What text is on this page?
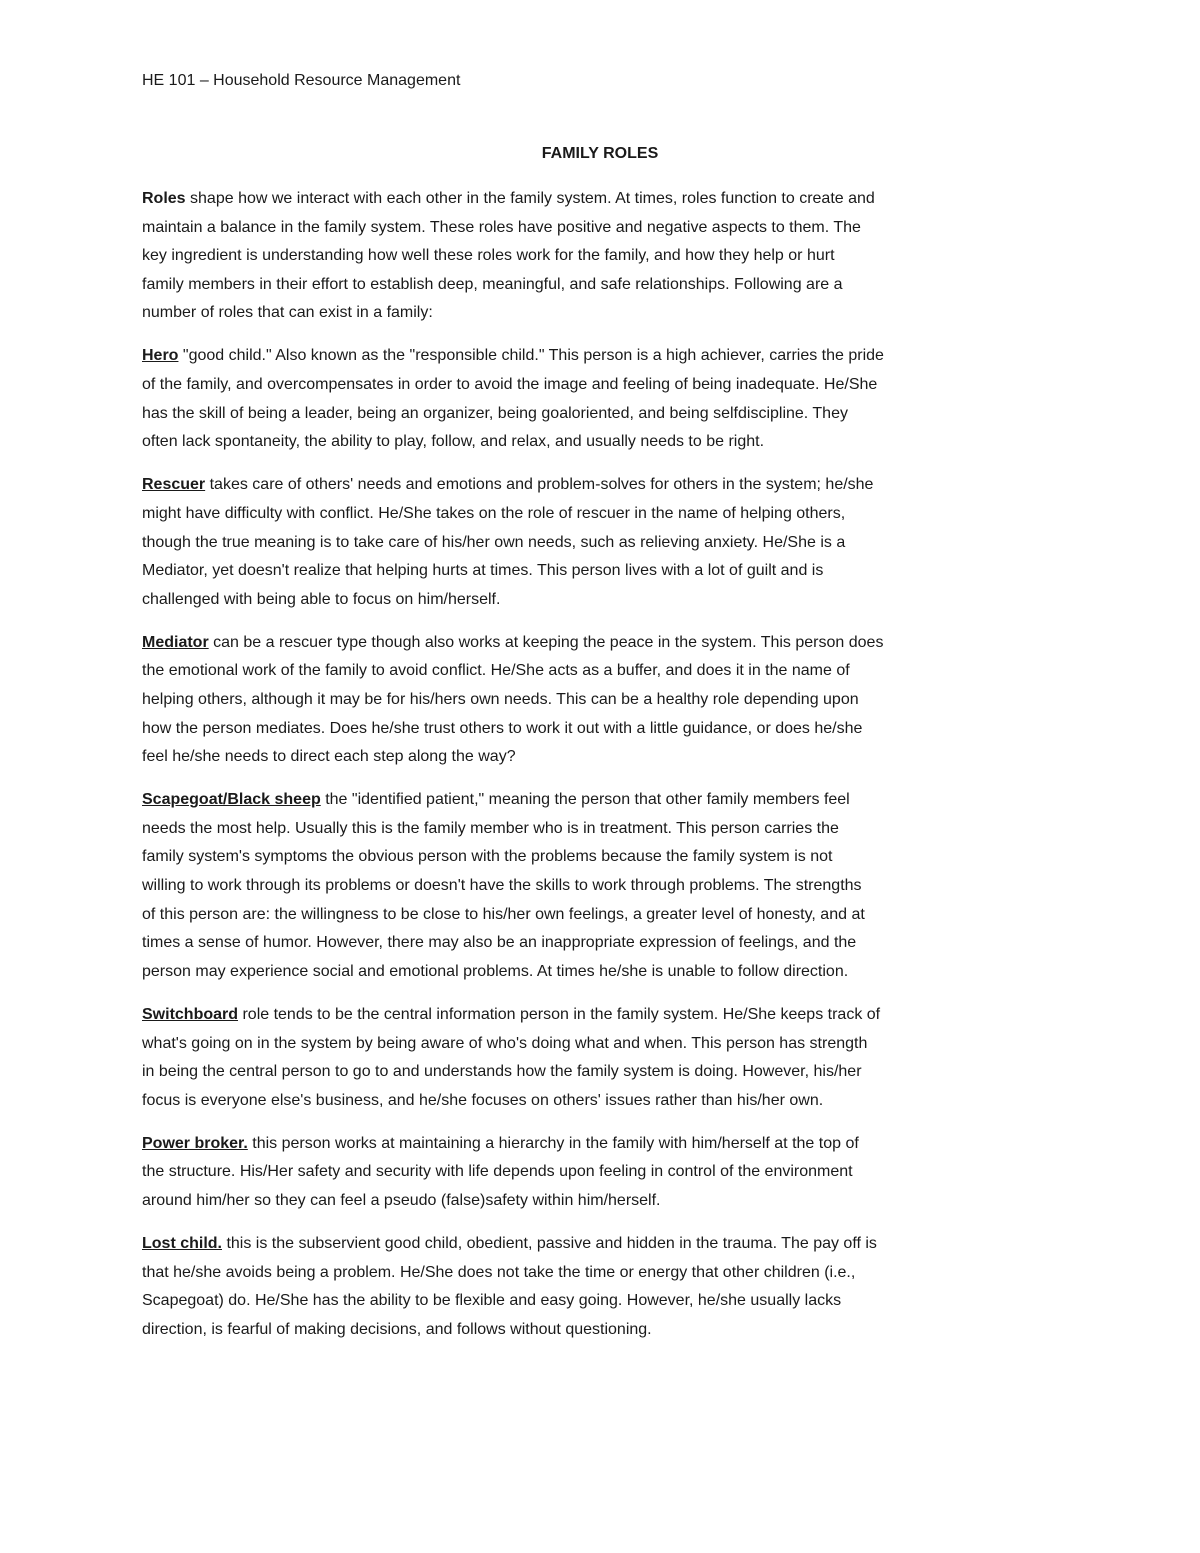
HE 101 – Household Resource Management
FAMILY ROLES

Roles shape how we interact with each other in the family system. At times, roles function to create and
maintain a balance in the family system. These roles have positive and negative aspects to them. The
key ingredient is understanding how well these roles work for the family, and how they help or hurt
family members in their effort to establish deep, meaningful, and safe relationships. Following are a
number of roles that can exist in a family:

Hero "good child." Also known as the "responsible child." This person is a high achiever, carries the pride
of the family, and overcompensates in order to avoid the image and feeling of being inadequate. He/She
has the skill of being a leader, being an organizer, being goaloriented, and being selfdiscipline. They
often lack spontaneity, the ability to play, follow, and relax, and usually needs to be right.

Rescuer takes care of others' needs and emotions and problem-solves for others in the system; he/she
might have difficulty with conflict. He/She takes on the role of rescuer in the name of helping others,
though the true meaning is to take care of his/her own needs, such as relieving anxiety. He/She is a
Mediator, yet doesn't realize that helping hurts at times. This person lives with a lot of guilt and is
challenged with being able to focus on him/herself.

Mediator can be a rescuer type though also works at keeping the peace in the system. This person does
the emotional work of the family to avoid conflict. He/She acts as a buffer, and does it in the name of
helping others, although it may be for his/hers own needs. This can be a healthy role depending upon
how the person mediates. Does he/she trust others to work it out with a little guidance, or does he/she
feel he/she needs to direct each step along the way?

Scapegoat/Black sheep the "identified patient," meaning the person that other family members feel
needs the most help. Usually this is the family member who is in treatment. This person carries the
family system's symptoms the obvious person with the problems because the family system is not
willing to work through its problems or doesn't have the skills to work through problems. The strengths
of this person are: the willingness to be close to his/her own feelings, a greater level of honesty, and at
times a sense of humor. However, there may also be an inappropriate expression of feelings, and the
person may experience social and emotional problems. At times he/she is unable to follow direction.

Switchboard role tends to be the central information person in the family system. He/She keeps track of
what's going on in the system by being aware of who's doing what and when. This person has strength
in being the central person to go to and understands how the family system is doing. However, his/her
focus is everyone else's business, and he/she focuses on others' issues rather than his/her own.

Power broker. this person works at maintaining a hierarchy in the family with him/herself at the top of
the structure. His/Her safety and security with life depends upon feeling in control of the environment
around him/her so they can feel a pseudo (false)safety within him/herself.

Lost child. this is the subservient good child, obedient, passive and hidden in the trauma. The pay off is
that he/she avoids being a problem. He/She does not take the time or energy that other children (i.e.,
Scapegoat) do. He/She has the ability to be flexible and easy going. However, he/she usually lacks
direction, is fearful of making decisions, and follows without questioning.
